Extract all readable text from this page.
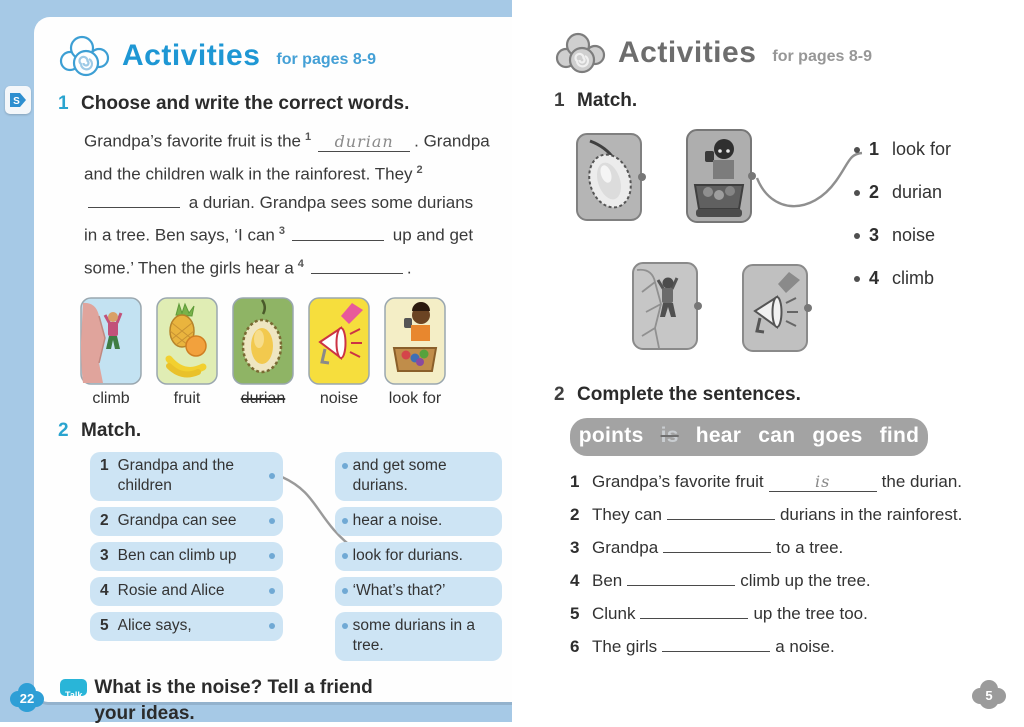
S
Activities for pages 8-9
1 Choose and write the correct words.

Grandpa’s favorite fruit is the $^1$ durian . Grandpa and the children walk in the rainforest. They $^2$ a durian. Grandpa sees some durians in a tree. Ben says, ‘I can $^3$	up and get some.’ Then the girls hear a $^4$	.

climb	fruit	durian	noise	look for
2 Match.
1 Grandpa and the children
2 Grandpa can see
3 Ben can climb up
4 Rosie and Alice
5 Alice says,
and get some durians.
hear a noise.
look for durians.
‘What’s that?’
some durians in a tree.
Talk What is the noise? Tell a friend your ideas.
22
Activities for pages 8-9
1 Match.
1 look for
2 durian
3 noise
4 climb
2 Complete the sentences.
points is hear can goes find
1 Grandpa’s favorite fruit	is	the durian.
2 They can	durians in the rainforest.
3 Grandpa	to a tree.
4 Ben	climb up the tree.
5 Clunk	up the tree too.
6 The girls	a noise.
5
